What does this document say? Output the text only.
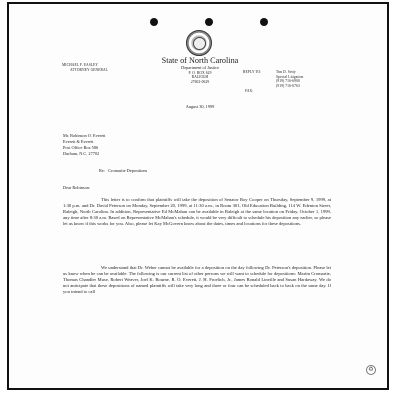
State of North Carolina
Department of Justice
P. O. BOX 629
RALEIGH
27602-0629
MICHAEL F. EASLEY
ATTORNEY GENERAL	REPLY TO:
FAX:
Tim D. Setty
Special Litigation
(919) 716-6900
(919) 716-6763
August 30, 1999
Mr. Robinson O. Everett
Everett & Everett
Post Office Box 586
Durham, N.C. 27702
Re:   Cromartie Depositions
Dear Robinson:
This letter is to confirm that plaintiffs will take the deposition of Senator Roy Cooper on Thursday, September 9, 1999, at 1:30 p.m. and Dr. David Peterson on Monday, September 20, 1999, at 11:30 a.m., in Room 301, Old Education Building, 114 W. Edenton Street, Raleigh, North Carolina. In addition, Representative Ed McMahan can be available in Raleigh at the same location on Friday, October 1, 1999, any time after 8:30 a.m. Based on Representative McMahan's schedule, it would be very difficult to schedule his deposition any earlier, so please let us know if this works for you. Also, please let Kay McGovern know about the dates, times and locations for these depositions.
We understand that Dr. Weber cannot be available for a deposition on the day following Dr. Peterson's deposition. Please let us know when he can be available. The following is our current list of other persons we will want to schedule for depositions: Martin Cromartie, Thomas Chandler Muse, Robert Weaver, Joel K. Bourne, R. O. Everett, J. H. Froelich, Jr., James Ronald Linville and Susan Hardaway. We do not anticipate that these depositions of named plaintiffs will take very long and three or four can be scheduled back to back on the same day. If you intend to call
♻
